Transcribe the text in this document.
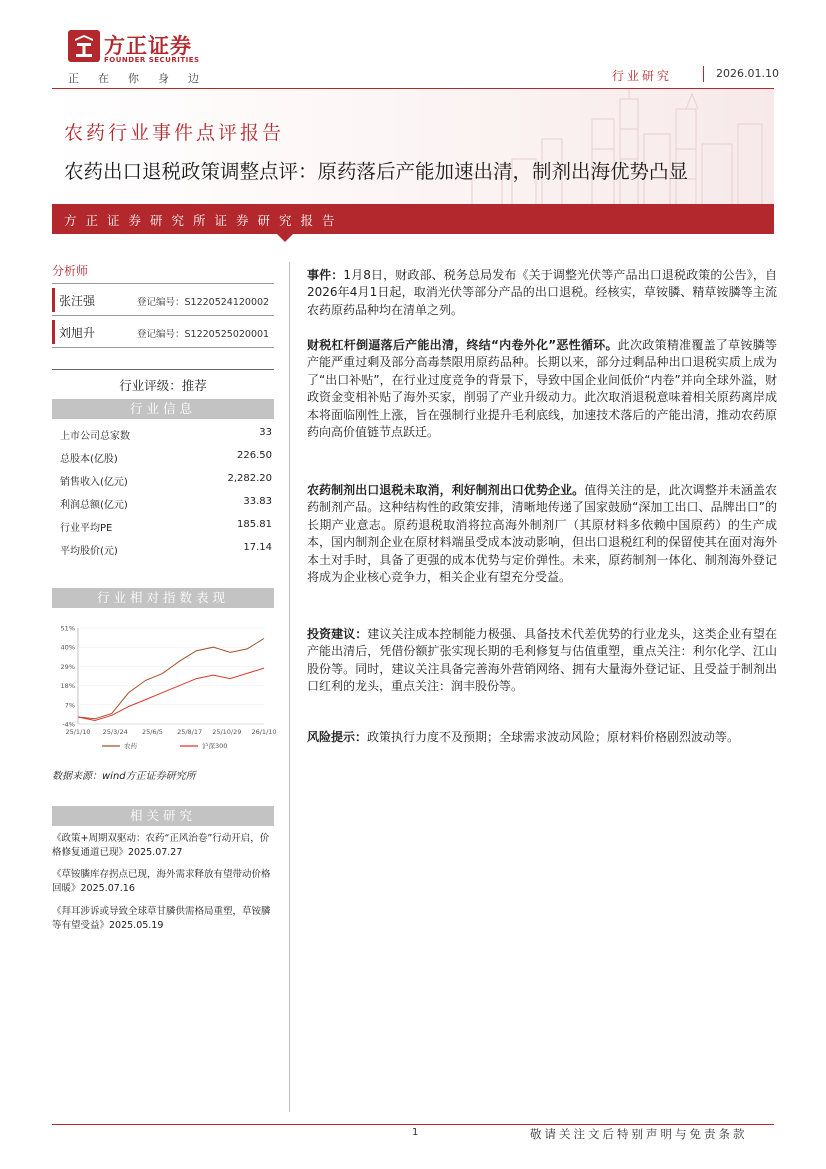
方正证券
FOUNDER SECURITIES
正在你身边	行业研究	2026.01.10
农药行业事件点评报告
农药出口退税政策调整点评：原药落后产能加速出清，制剂出海优势凸显
方正证券研究所证券研究报告
分析师
张汪强	登记编号：S1220524120002
刘旭升	登记编号：S1220525020001
行业评级：推荐
行业信息
上市公司总家数	33
总股本(亿股)	226.50
销售收入(亿元)	2,282.20
利润总额(亿元)	33.83
行业平均PE	185.81
平均股价(元)	17.14
行业相对指数表现
51%
40%
29%
18%
7%
-4%
25/1/10 25/3/24 25/6/5 25/8/17 25/10/29 26/1/10
农药	沪深300
数据来源：wind方正证券研究所
相关研究
《政策+周期双驱动：农药“正风治卷”行动开启，价格修复通道已现》2025.07.27
《草铵膦库存拐点已现，海外需求释放有望带动价格回暖》2025.07.16
《拜耳涉诉或导致全球草甘膦供需格局重塑，草铵膦等有望受益》2025.05.19
事件：1月8日，财政部、税务总局发布《关于调整光伏等产品出口退税政策的公告》，自2026年4月1日起，取消光伏等部分产品的出口退税。经核实，草铵膦、精草铵膦等主流农药原药品种均在清单之列。
财税杠杆倒逼落后产能出清，终结“内卷外化”恶性循环。此次政策精准覆盖了草铵膦等产能严重过剩及部分高毒禁限用原药品种。长期以来，部分过剩品种出口退税实质上成为了“出口补贴”，在行业过度竞争的背景下，导致中国企业间低价“内卷”并向全球外溢，财政资金变相补贴了海外买家，削弱了产业升级动力。此次取消退税意味着相关原药离岸成本将面临刚性上涨，旨在强制行业提升毛利底线，加速技术落后的产能出清，推动农药原药向高价值链节点跃迁。
农药制剂出口退税未取消，利好制剂出口优势企业。值得关注的是，此次调整并未涵盖农药制剂产品。这种结构性的政策安排，清晰地传递了国家鼓励“深加工出口、品牌出口”的长期产业意志。原药退税取消将拉高海外制剂厂（其原材料多依赖中国原药）的生产成本，国内制剂企业在原材料端虽受成本波动影响，但出口退税红利的保留使其在面对海外本土对手时，具备了更强的成本优势与定价弹性。未来，原药制剂一体化、制剂海外登记将成为企业核心竞争力，相关企业有望充分受益。
投资建议：建议关注成本控制能力极强、具备技术代差优势的行业龙头，这类企业有望在产能出清后，凭借份额扩张实现长期的毛利修复与估值重塑，重点关注：利尔化学、江山股份等。同时，建议关注具备完善海外营销网络、拥有大量海外登记证、且受益于制剂出口红利的龙头，重点关注：润丰股份等。
风险提示：政策执行力度不及预期；全球需求波动风险；原材料价格剧烈波动等。
1	敬请关注文后特别声明与免责条款
